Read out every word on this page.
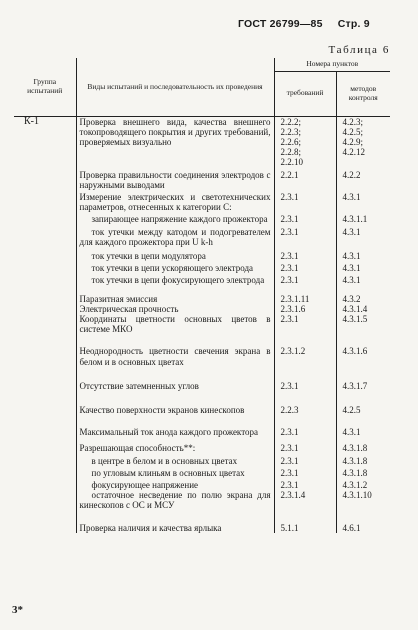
ГОСТ 26799—85 Стр. 9
Таблица 6
Группа испытаний	Виды испытаний и последовательность их проведения	Номера пунктов	
		требований	методов контроля
К-1	Проверка внешнего вида, качества внешнего токопроводящего покрытия и других требований, проверяемых визуально	2.2.2;
2.2.3;
2.2.6;
2.2.8;
2.2.10	4.2.3;
4.2.5;
4.2.9;
4.2.12
	Проверка правильности соединения электродов с наружными выводами	2.2.1	4.2.2
	Измерение электрических и светотехнических параметров, отнесенных к категории С:	2.3.1	4.3.1
	запирающее напряжение каждого прожектора	2.3.1	4.3.1.1
	ток утечки между катодом и подогревателем для каждого прожектора при U k-h	2.3.1	4.3.1
	ток утечки в цепи модулятора	2.3.1	4.3.1
	ток утечки в цепи ускоряющего электрода	2.3.1	4.3.1
	ток утечки в цепи фокусирующего электрода	2.3.1	4.3.1
	Паразитная эмиссия	2.3.1.11	4.3.2
	Электрическая прочность	2.3.1.6	4.3.1.4
	Координаты цветности основных цветов в системе МКО	2.3.1	4.3.1.5
	Неоднородность цветности свечения экрана в белом и в основных цветах	2.3.1.2	4.3.1.6
	Отсутствие затемненных углов	2.3.1	4.3.1.7
	Качество поверхности экранов кинескопов	2.2.3	4.2.5
	Максимальный ток анода каждого прожектора	2.3.1	4.3.1
	Разрешающая способность**:	2.3.1	4.3.1.8
	в центре в белом и в основных цветах	2.3.1	4.3.1.8
	по угловым клиньям в основных цветах	2.3.1	4.3.1.8
	фокусирующее напряжение	2.3.1	4.3.1.2
	остаточное несведение по полю экрана для кинескопов с ОС и МСУ	2.3.1.4	4.3.1.10
	Проверка наличия и качества ярлыка	5.1.1	4.6.1
3*
